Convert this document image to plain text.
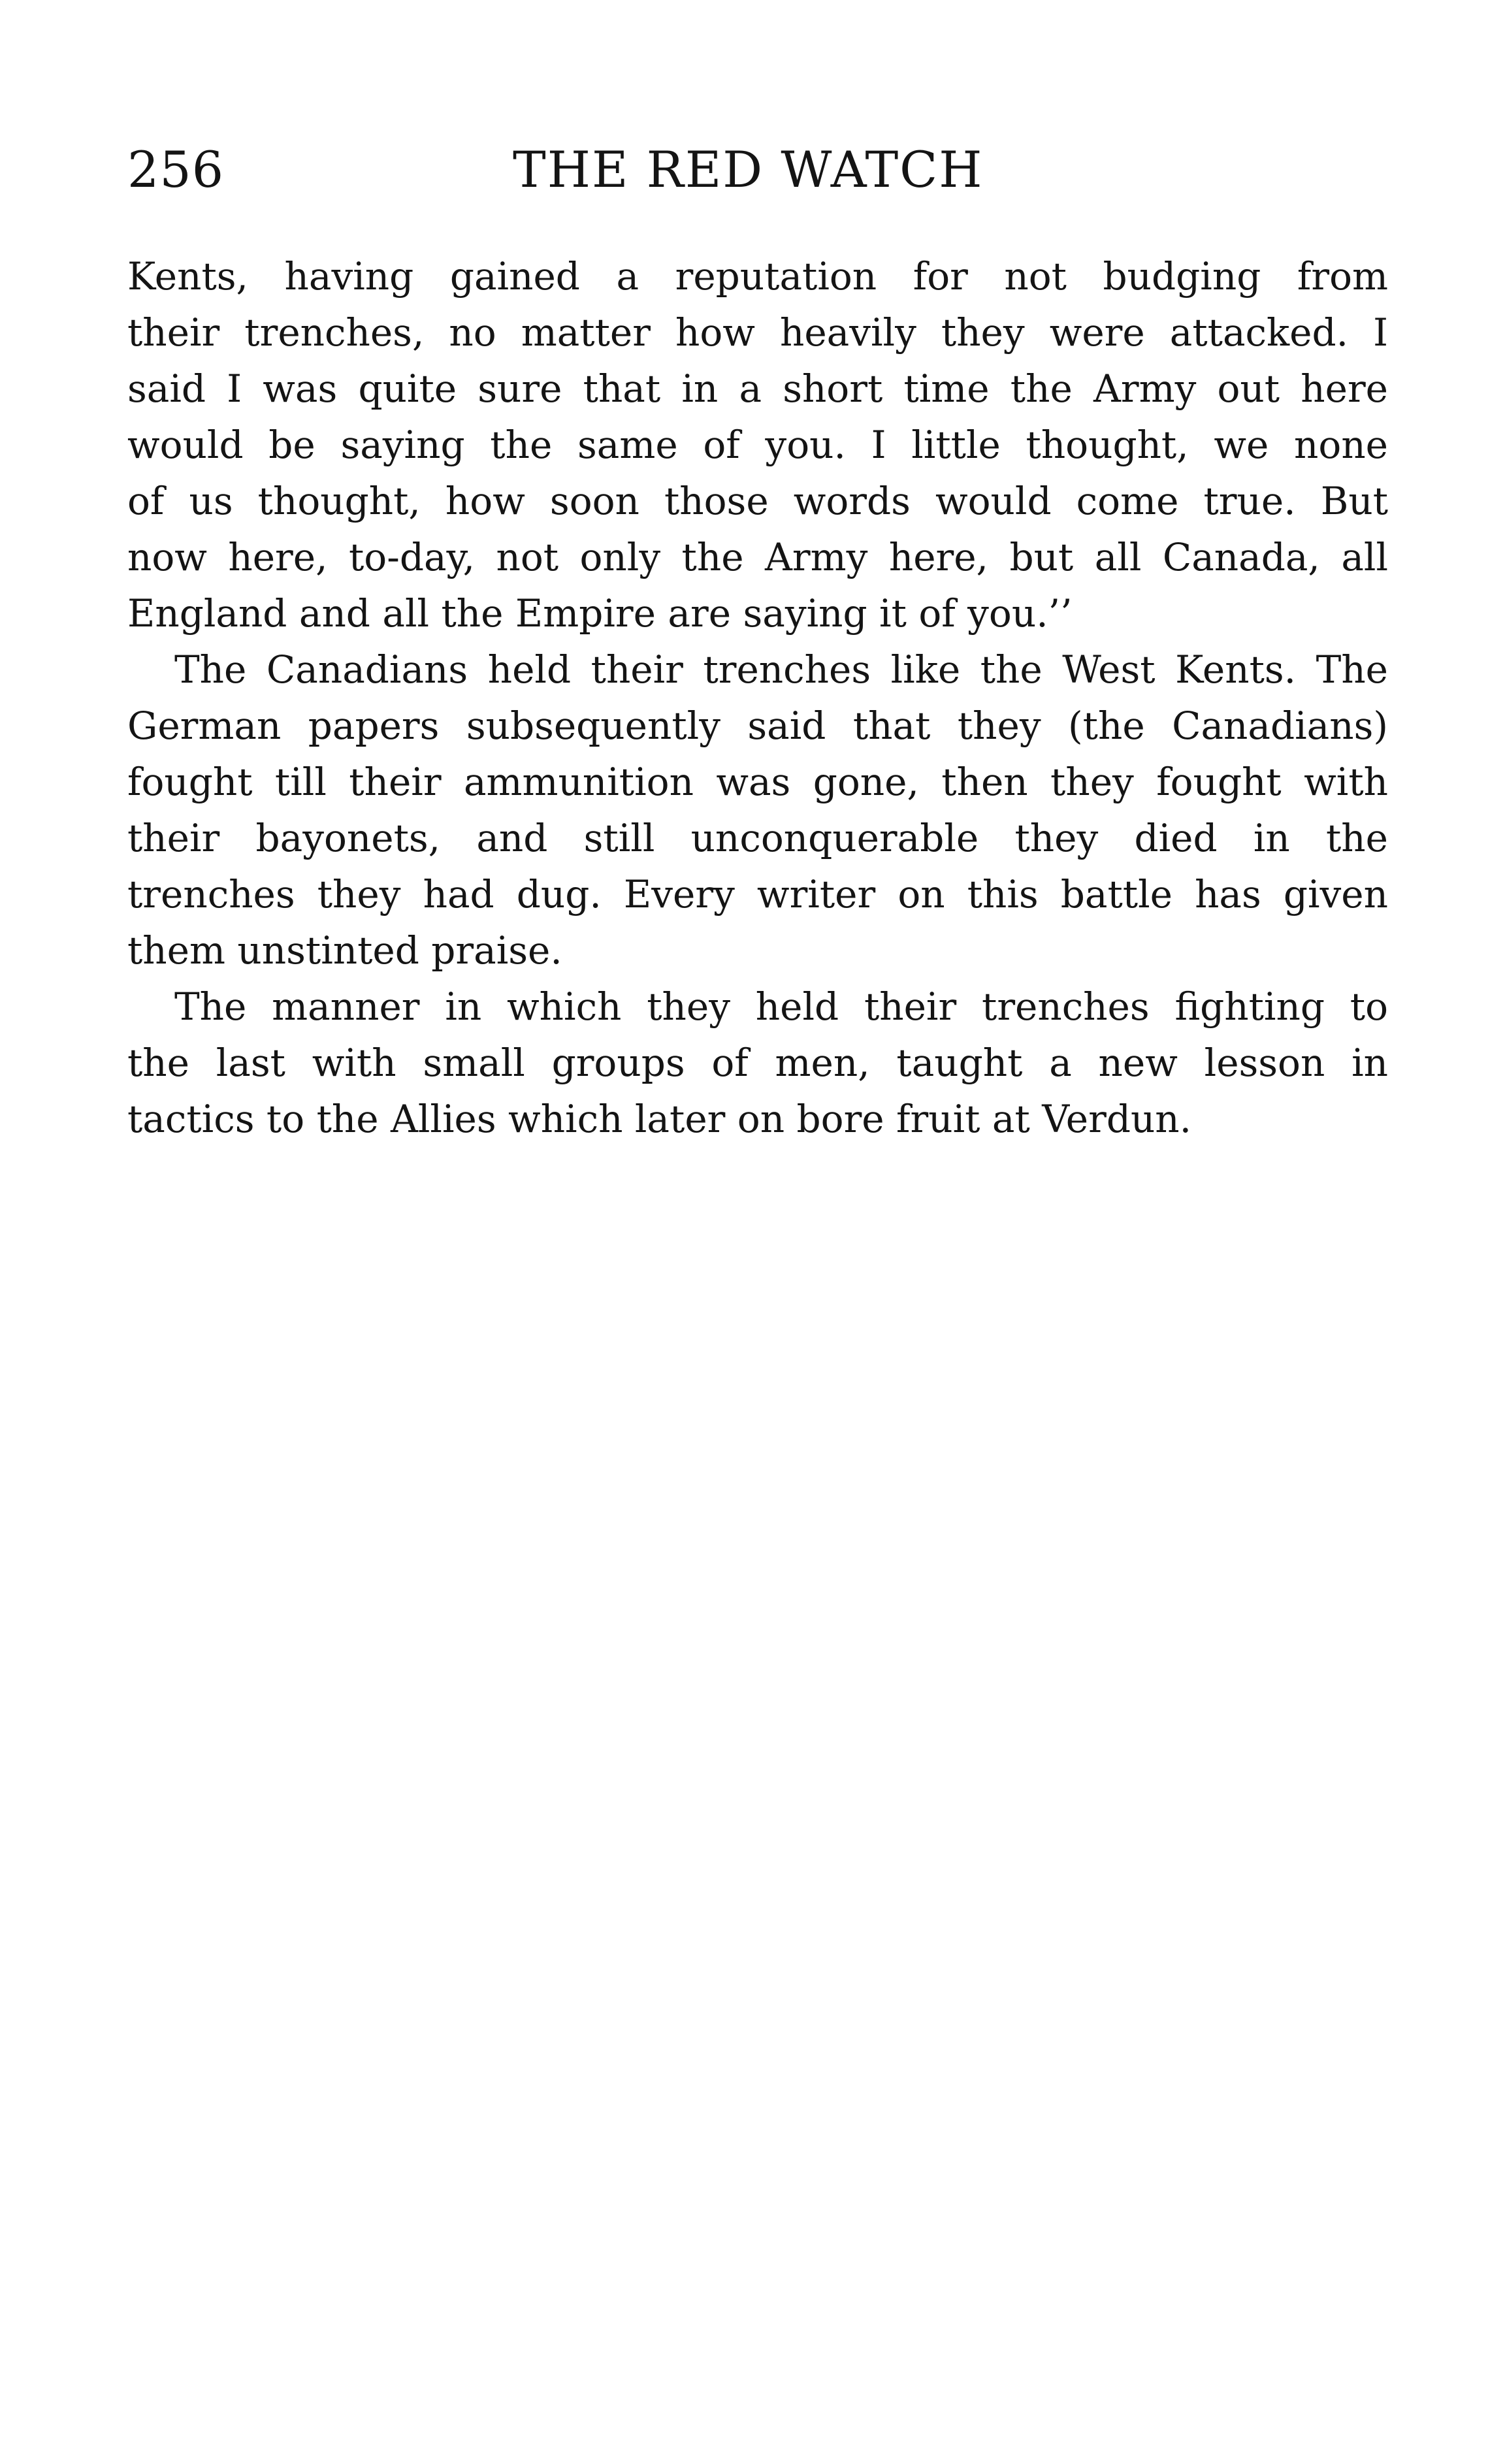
256	THE RED WATCH

Kents, having gained a reputation for not budging from
their trenches, no matter how heavily they were attacked. I
said I was quite sure that in a short time the Army out here
would be saying the same of you. I little thought, we none
of us thought, how soon those words would come true. But
now here, to-day, not only the Army here, but all Canada, all
England and all the Empire are saying it of you.’’

The Canadians held their trenches like the West Kents. The
German papers subsequently said that they (the Canadians)
fought till their ammunition was gone, then they fought with
their bayonets, and still unconquerable they died in the
trenches they had dug. Every writer on this battle has given
them unstinted praise.

The manner in which they held their trenches fighting to
the last with small groups of men, taught a new lesson in
tactics to the Allies which later on bore fruit at Verdun.
